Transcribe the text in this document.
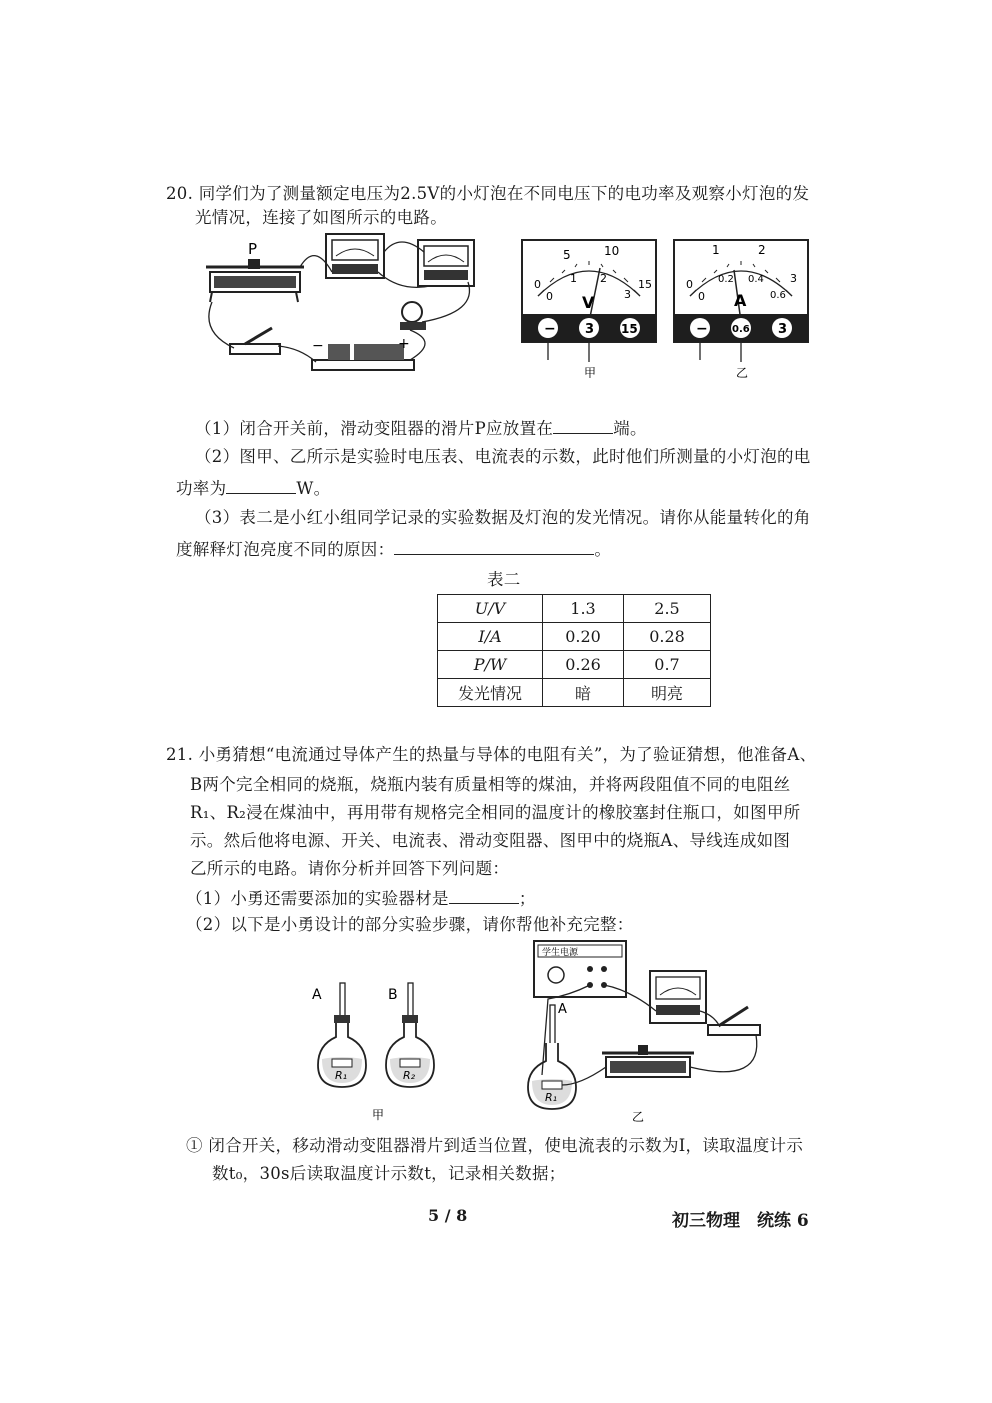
20. 同学们为了测量额定电压为2.5V的小灯泡在不同电压下的电功率及观察小灯泡的发
光情况，连接了如图所示的电路。
P
−	+
5	10
0	15
0
1 2
3
V
− 3 15
甲
1	2
0	3
0
0.2 0.4
0.6
A
− 0.6 3
乙
（1）闭合开关前，滑动变阻器的滑片P应放置在	端。
（2）图甲、乙所示是实验时电压表、电流表的示数，此时他们所测量的小灯泡的电
功率为	W。
（3）表二是小红小组同学记录的实验数据及灯泡的发光情况。请你从能量转化的角
度解释灯泡亮度不同的原因：	。
表二
U/V	1.3	2.5
I/A	0.20	0.28
P/W	0.26	0.7
发光情况	暗	明亮
21. 小勇猜想“电流通过导体产生的热量与导体的电阻有关”，为了验证猜想，他准备A、
B两个完全相同的烧瓶，烧瓶内装有质量相等的煤油，并将两段阻值不同的电阻丝
R₁、R₂浸在煤油中，再用带有规格完全相同的温度计的橡胶塞封住瓶口，如图甲所
示。然后他将电源、开关、电流表、滑动变阻器、图甲中的烧瓶A、导线连成如图
乙所示的电路。请你分析并回答下列问题：
（1）小勇还需要添加的实验器材是	；
（2）以下是小勇设计的部分实验步骤，请你帮他补充完整：
A	B
R₁	R₂
甲
学生电源
R₁
A
乙
① 闭合开关，移动滑动变阻器滑片到适当位置，使电流表的示数为I，读取温度计示
数t₀，30s后读取温度计示数t，记录相关数据；
5 / 8	初三物理　统练 6
